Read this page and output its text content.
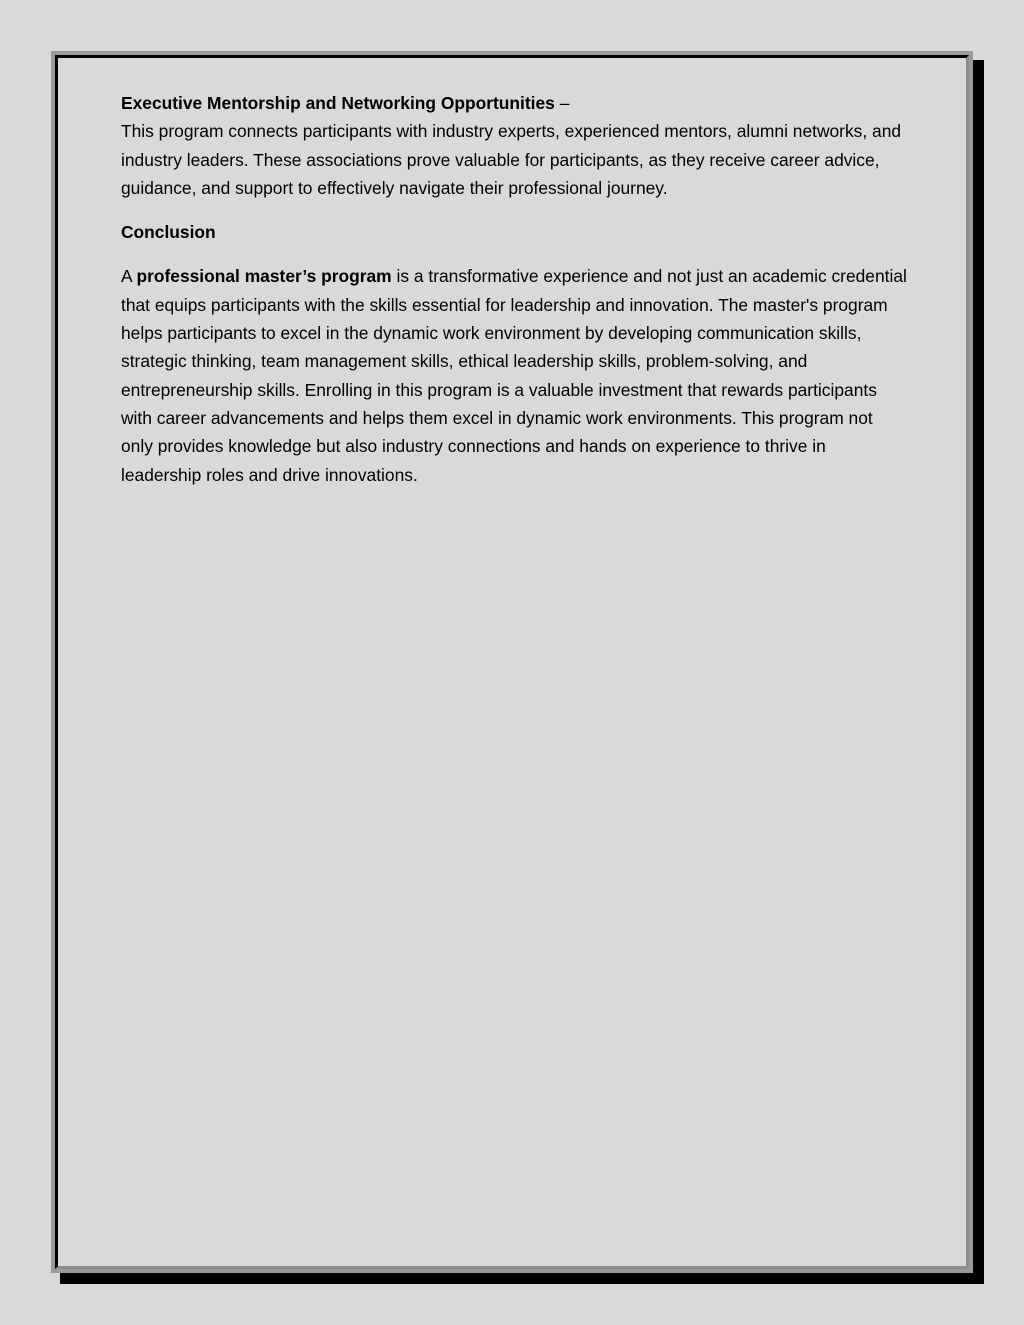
Executive Mentorship and Networking Opportunities –
This program connects participants with industry experts, experienced mentors, alumni networks, and industry leaders. These associations prove valuable for participants, as they receive career advice, guidance, and support to effectively navigate their professional journey.

Conclusion

A professional master’s program is a transformative experience and not just an academic credential that equips participants with the skills essential for leadership and innovation. The master's program helps participants to excel in the dynamic work environment by developing communication skills, strategic thinking, team management skills, ethical leadership skills, problem-solving, and entrepreneurship skills. Enrolling in this program is a valuable investment that rewards participants with career advancements and helps them excel in dynamic work environments. This program not only provides knowledge but also industry connections and hands on experience to thrive in leadership roles and drive innovations.
